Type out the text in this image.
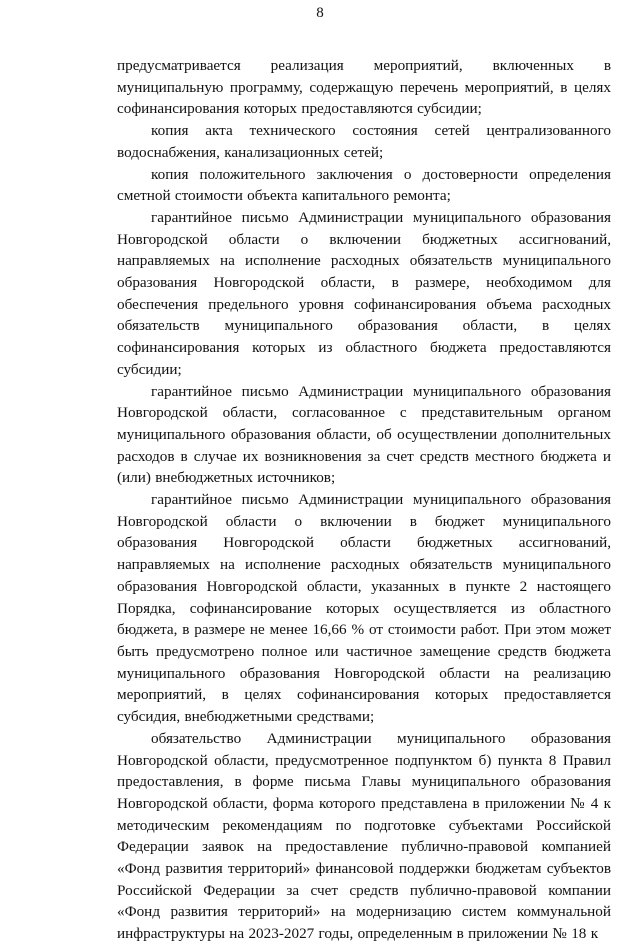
8

предусматривается реализация мероприятий, включенных в муниципальную программу, содержащую перечень мероприятий, в целях софинансирования которых предоставляются субсидии;

копия акта технического состояния сетей централизованного водоснабжения, канализационных сетей;

копия положительного заключения о достоверности определения сметной стоимости объекта капитального ремонта;

гарантийное письмо Администрации муниципального образования Новгородской области о включении бюджетных ассигнований, направляемых на исполнение расходных обязательств муниципального образования Новгородской области, в размере, необходимом для обеспечения предельного уровня софинансирования объема расходных обязательств муниципального образования области, в целях софинансирования которых из областного бюджета предоставляются субсидии;

гарантийное письмо Администрации муниципального образования Новгородской области, согласованное с представительным органом муниципального образования области, об осуществлении дополнительных расходов в случае их возникновения за счет средств местного бюджета и (или) внебюджетных источников;

гарантийное письмо Администрации муниципального образования Новгородской области о включении в бюджет муниципального образования Новгородской области бюджетных ассигнований, направляемых на исполнение расходных обязательств муниципального образования Новгородской области, указанных в пункте 2 настоящего Порядка, софинансирование которых осуществляется из областного бюджета, в размере не менее 16,66 % от стоимости работ. При этом может быть предусмотрено полное или частичное замещение средств бюджета муниципального образования Новгородской области на реализацию мероприятий, в целях софинансирования которых предоставляется субсидия, внебюджетными средствами;

обязательство Администрации муниципального образования Новгородской области, предусмотренное подпунктом б) пункта 8 Правил предоставления, в форме письма Главы муниципального образования Новгородской области, форма которого представлена в приложении № 4 к методическим рекомендациям по подготовке субъектами Российской Федерации заявок на предоставление публично-правовой компанией «Фонд развития территорий» финансовой поддержки бюджетам субъектов Российской Федерации за счет средств публично-правовой компании «Фонд развития территорий» на модернизацию систем коммунальной инфраструктуры на 2023-2027 годы, определенным в приложении № 18 к
